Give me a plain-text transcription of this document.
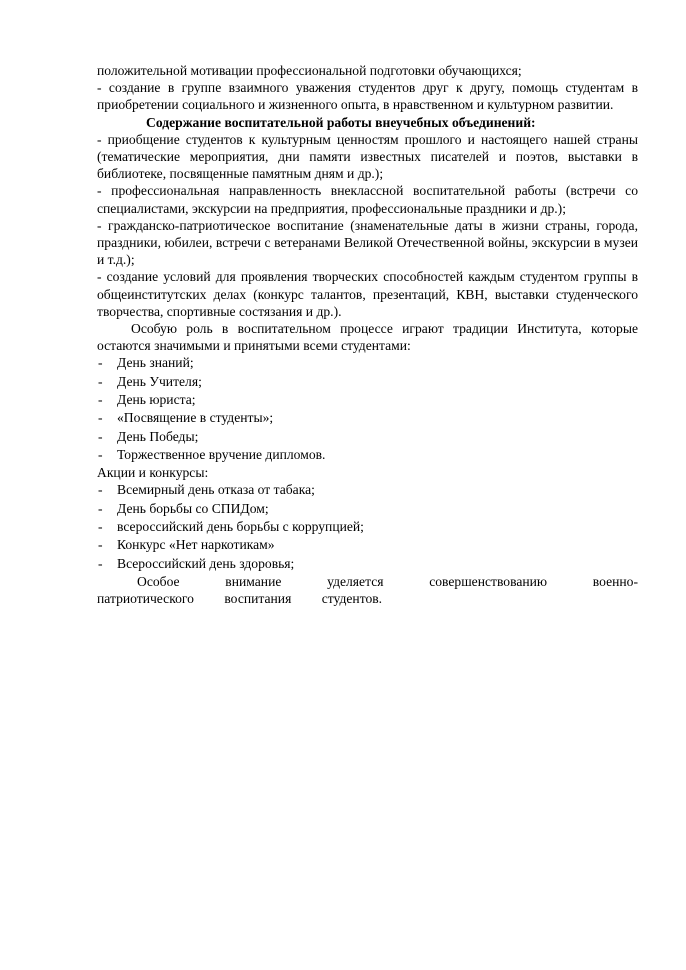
положительной мотивации профессиональной подготовки обучающихся;

- создание в группе взаимного уважения студентов друг к другу, помощь студентам в приобретении социального и жизненного опыта, в нравственном и культурном развитии.

Содержание воспитательной работы внеучебных объединений:

- приобщение студентов к культурным ценностям прошлого и настоящего нашей страны (тематические мероприятия, дни памяти известных писателей и поэтов, выставки в библиотеке, посвященные памятным дням и др.);

- профессиональная направленность внеклассной воспитательной работы (встречи со специалистами, экскурсии на предприятия, профессиональные праздники и др.);

- гражданско-патриотическое воспитание (знаменательные даты в жизни страны, города, праздники, юбилеи, встречи с ветеранами Великой Отечественной войны, экскурсии в музеи и т.д.);

- создание условий для проявления творческих способностей каждым студентом группы в общеинститутских делах (конкурс талантов, презентаций, КВН, выставки студенческого творчества, спортивные состязания и др.).

Особую роль в воспитательном процессе играют традиции Института, которые остаются значимыми и принятыми всеми студентами:

- День знаний;
- День Учителя;
- День юриста;
- «Посвящение в студенты»;
- День Победы;
- Торжественное вручение дипломов.

Акции и конкурсы:

- Всемирный день отказа от табака;
- День борьбы со СПИДом;
- всероссийский день борьбы с коррупцией;
- Конкурс «Нет наркотикам»
- Всероссийский день здоровья;

Особое внимание уделяется совершенствованию военно-патриотического воспитания студентов.
